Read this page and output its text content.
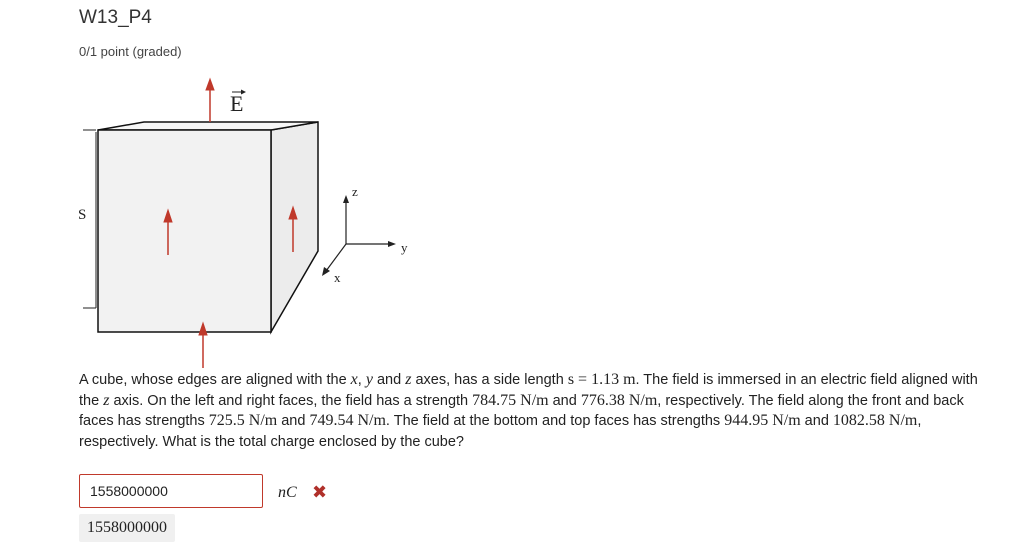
W13_P4
0/1 point (graded)
S
E
z
y
x
A cube, whose edges are aligned with the x, y and z axes, has a side length s = 1.13 m. The field is immersed in an electric field aligned with the z axis. On the left and right faces, the field has a strength 784.75 N/m and 776.38 N/m, respectively. The field along the front and back faces has strengths 725.5 N/m and 749.54 N/m. The field at the bottom and top faces has strengths 944.95 N/m and 1082.58 N/m, respectively. What is the total charge enclosed by the cube?
1558000000
nC ✖
1558000000
